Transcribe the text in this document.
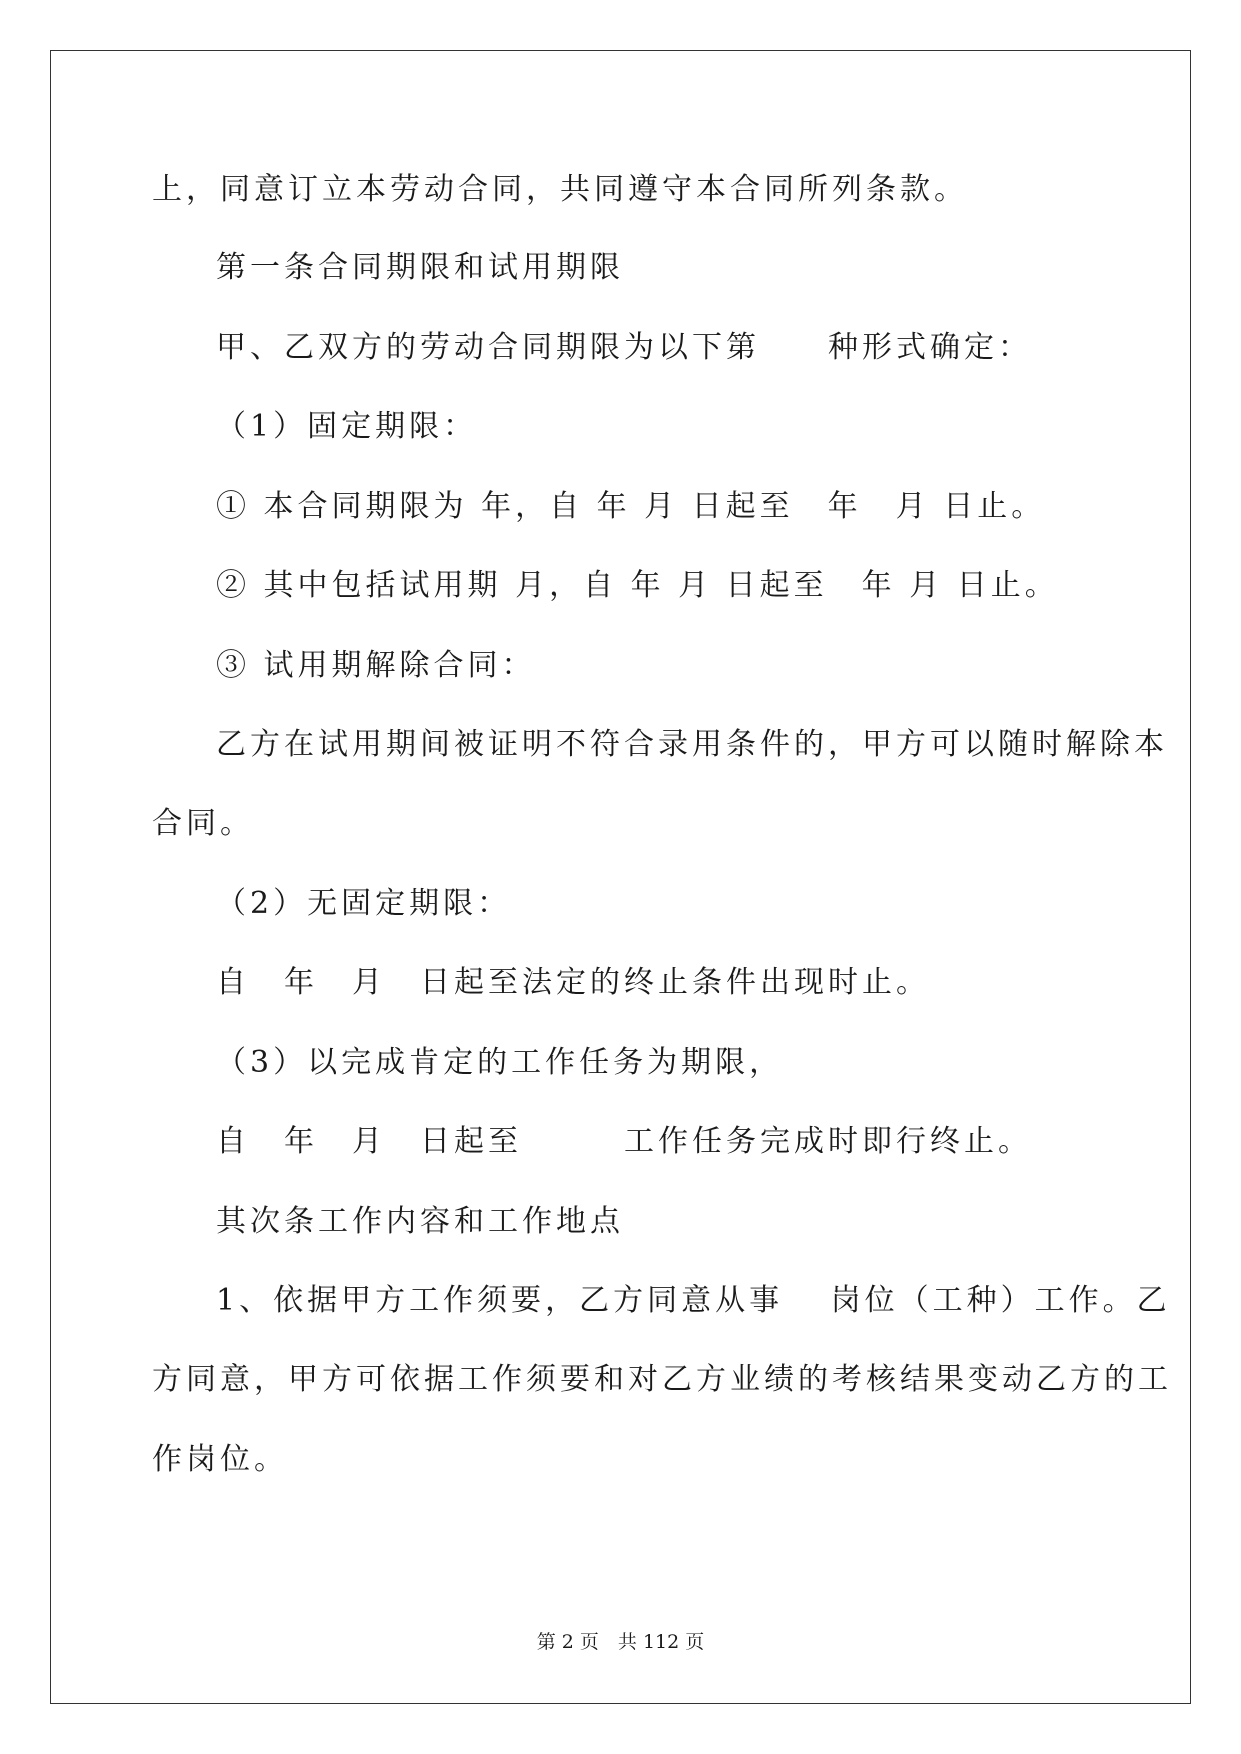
上，同意订立本劳动合同，共同遵守本合同所列条款。
第一条合同期限和试用期限
甲、乙双方的劳动合同期限为以下第　　种形式确定：
（1）固定期限：
① 本合同期限为 年，自 年 月 日起至　年　月 日止。
② 其中包括试用期 月，自 年 月 日起至　年 月 日止。
③ 试用期解除合同：
乙方在试用期间被证明不符合录用条件的，甲方可以随时解除本
合同。
（2）无固定期限：
自　年　月　日起至法定的终止条件出现时止。
（3）以完成肯定的工作任务为期限，
自　年　月　日起至　　　工作任务完成时即行终止。
其次条工作内容和工作地点
1、依据甲方工作须要，乙方同意从事　 岗位（工种）工作。乙
方同意，甲方可依据工作须要和对乙方业绩的考核结果变动乙方的工
作岗位。
第 2 页　共 112 页
